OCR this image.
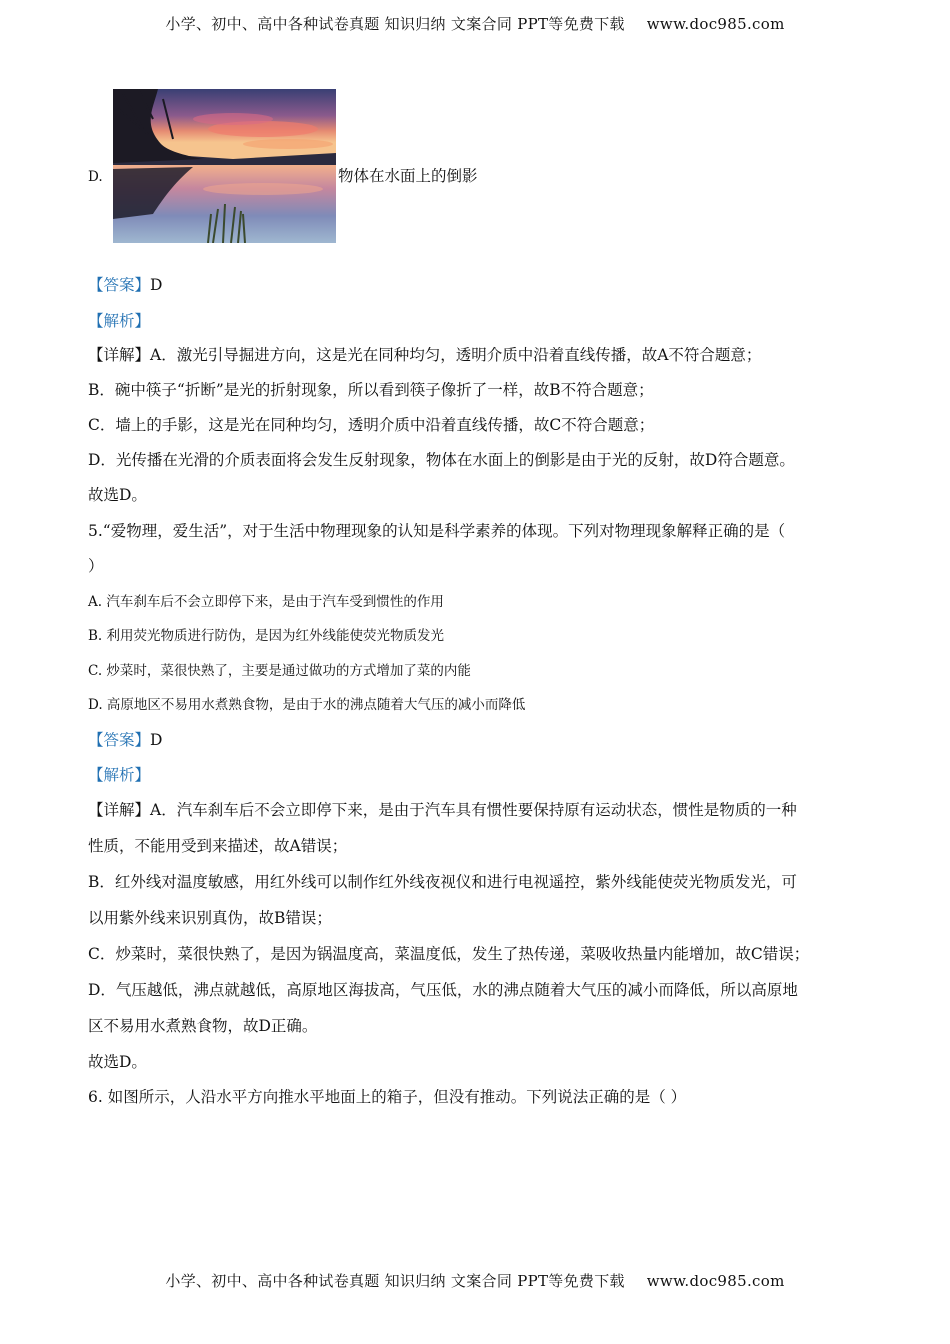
小学、初中、高中各种试卷真题 知识归纳 文案合同 PPT等免费下载 www.doc985.com
D.	物体在水面上的倒影
【答案】D
【解析】
【详解】A．激光引导掘进方向，这是光在同种均匀，透明介质中沿着直线传播，故A不符合题意；
B．碗中筷子“折断”是光的折射现象，所以看到筷子像折了一样，故B不符合题意；
C．墙上的手影，这是光在同种均匀，透明介质中沿着直线传播，故C不符合题意；
D．光传播在光滑的介质表面将会发生反射现象，物体在水面上的倒影是由于光的反射，故D符合题意。
故选D。
5.“爱物理，爱生活”，对于生活中物理现象的认知是科学素养的体现。下列对物理现象解释正确的是（
）
A. 汽车刹车后不会立即停下来，是由于汽车受到惯性的作用
B. 利用荧光物质进行防伪，是因为红外线能使荧光物质发光
C. 炒菜时，菜很快熟了，主要是通过做功的方式增加了菜的内能
D. 高原地区不易用水煮熟食物，是由于水的沸点随着大气压的减小而降低
【答案】D
【解析】
【详解】A．汽车刹车后不会立即停下来，是由于汽车具有惯性要保持原有运动状态，惯性是物质的一种
性质，不能用受到来描述，故A错误；
B．红外线对温度敏感，用红外线可以制作红外线夜视仪和进行电视遥控，紫外线能使荧光物质发光，可
以用紫外线来识别真伪，故B错误；
C．炒菜时，菜很快熟了，是因为锅温度高，菜温度低，发生了热传递，菜吸收热量内能增加，故C错误；
D．气压越低，沸点就越低，高原地区海拔高，气压低，水的沸点随着大气压的减小而降低，所以高原地
区不易用水煮熟食物，故D正确。
故选D。
6. 如图所示，人沿水平方向推水平地面上的箱子，但没有推动。下列说法正确的是（ ）
小学、初中、高中各种试卷真题 知识归纳 文案合同 PPT等免费下载 www.doc985.com
